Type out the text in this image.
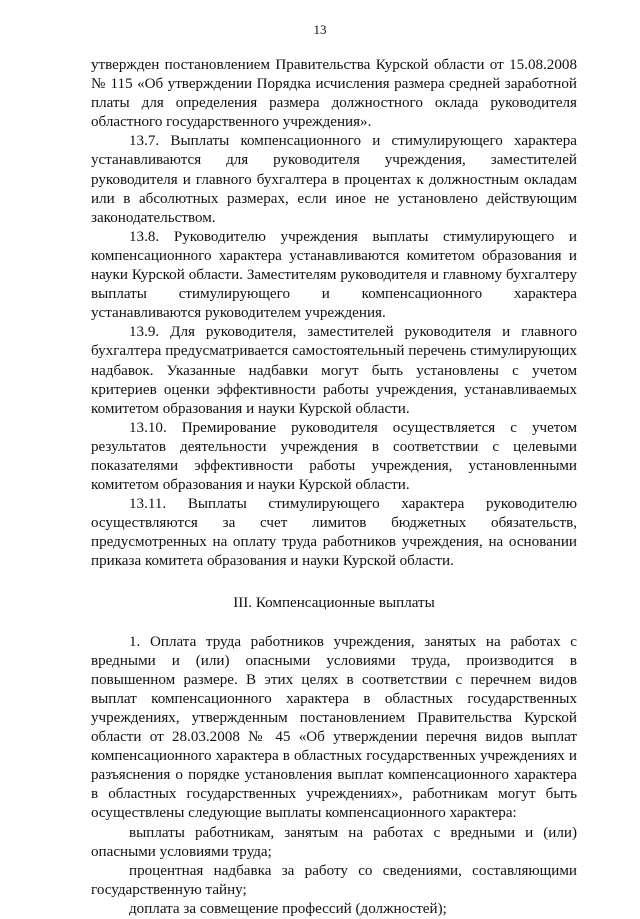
13

утвержден постановлением Правительства Курской области от 15.08.2008 № 115 «Об утверждении Порядка исчисления размера средней заработной платы для определения размера должностного оклада руководителя областного государственного учреждения».

13.7. Выплаты компенсационного и стимулирующего характера устанавливаются для руководителя учреждения, заместителей руководителя и главного бухгалтера в процентах к должностным окладам или в абсолютных размерах, если иное не установлено действующим законодательством.

13.8. Руководителю учреждения выплаты стимулирующего и компенсационного характера устанавливаются комитетом образования и науки Курской области. Заместителям руководителя и главному бухгалтеру выплаты стимулирующего и компенсационного характера устанавливаются руководителем учреждения.

13.9. Для руководителя, заместителей руководителя и главного бухгалтера предусматривается самостоятельный перечень стимулирующих надбавок. Указанные надбавки могут быть установлены с учетом критериев оценки эффективности работы учреждения, устанавливаемых комитетом образования и науки Курской области.

13.10. Премирование руководителя осуществляется с учетом результатов деятельности учреждения в соответствии с целевыми показателями эффективности работы учреждения, установленными комитетом образования и науки Курской области.

13.11. Выплаты стимулирующего характера руководителю осуществляются за счет лимитов бюджетных обязательств, предусмотренных на оплату труда работников учреждения, на основании приказа комитета образования и науки Курской области.

III. Компенсационные выплаты

1. Оплата труда работников учреждения, занятых на работах с вредными и (или) опасными условиями труда, производится в повышенном размере. В этих целях в соответствии с перечнем видов выплат компенсационного характера в областных государственных учреждениях, утвержденным постановлением Правительства Курской области от 28.03.2008 № 45 «Об утверждении перечня видов выплат компенсационного характера в областных государственных учреждениях и разъяснения о порядке установления выплат компенсационного характера в областных государственных учреждениях», работникам могут быть осуществлены следующие выплаты компенсационного характера:

выплаты работникам, занятым на работах с вредными и (или) опасными условиями труда;

процентная надбавка за работу со сведениями, составляющими государственную тайну;

доплата за совмещение профессий (должностей);
